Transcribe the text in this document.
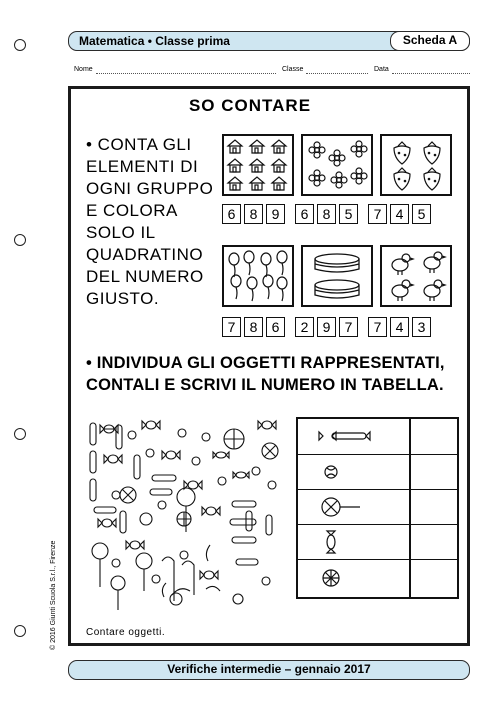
Matematica • Classe prima	Scheda A
Nome	Classe	Data
SO CONTARE
• CONTA GLI
ELEMENTI DI
OGNI GRUPPO
E COLORA
SOLO IL
QUADRATINO
DEL NUMERO
GIUSTO.
6	8	9	6	8	5	7	4	5
7	8	6	2	9	7	7	4	3
• INDIVIDUA GLI OGGETTI RAPPRESENTATI,
CONTALI E SCRIVI IL NUMERO IN TABELLA.
Contare oggetti.
© 2016 Giunti Scuola S.r.l., Firenze
Verifiche intermedie – gennaio 2017
